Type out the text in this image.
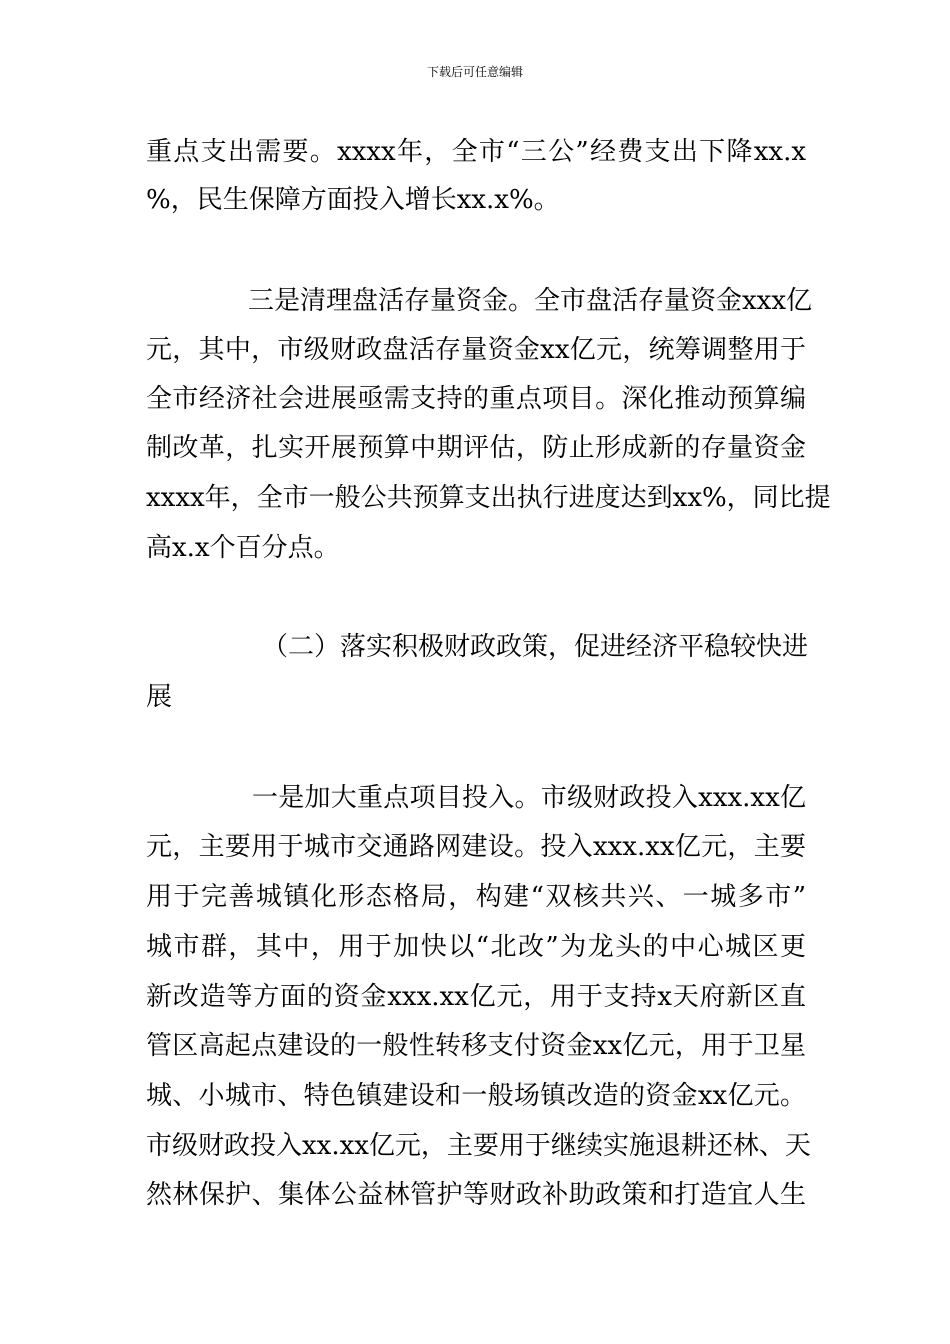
下载后可任意编辑
重点支出需要。xxxx年，全市“三公”经费支出下降xx.x
%，民生保障方面投入增长xx.x%。
三是清理盘活存量资金。全市盘活存量资金xxx亿
元，其中，市级财政盘活存量资金xx亿元，统筹调整用于
全市经济社会进展亟需支持的重点项目。深化推动预算编
制改革，扎实开展预算中期评估，防止形成新的存量资金
xxxx年，全市一般公共预算支出执行进度达到xx%，同比提
高x.x个百分点。
（二）落实积极财政政策，促进经济平稳较快进
展
一是加大重点项目投入。市级财政投入xxx.xx亿
元，主要用于城市交通路网建设。投入xxx.xx亿元，主要
用于完善城镇化形态格局，构建“双核共兴、一城多市”
城市群，其中，用于加快以“北改”为龙头的中心城区更
新改造等方面的资金xxx.xx亿元，用于支持x天府新区直
管区高起点建设的一般性转移支付资金xx亿元，用于卫星
城、小城市、特色镇建设和一般场镇改造的资金xx亿元。
市级财政投入xx.xx亿元，主要用于继续实施退耕还林、天
然林保护、集体公益林管护等财政补助政策和打造宜人生
